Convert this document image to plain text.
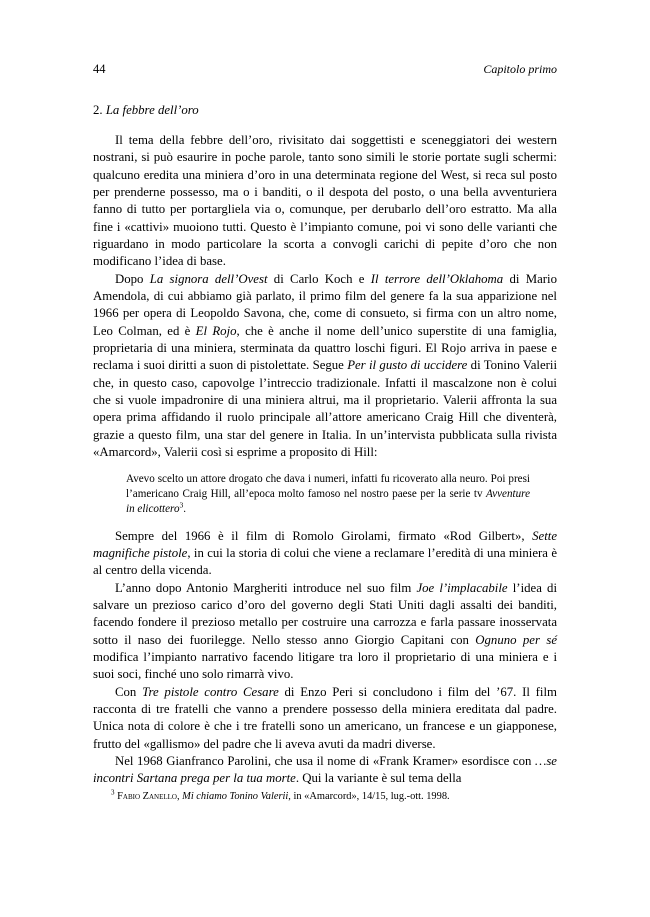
44	Capitolo primo
2. La febbre dell’oro

Il tema della febbre dell’oro, rivisitato dai soggettisti e sceneggiatori dei western nostrani, si può esaurire in poche parole, tanto sono simili le storie portate sugli schermi: qualcuno eredita una miniera d’oro in una determinata regione del West, si reca sul posto per prenderne possesso, ma o i banditi, o il despota del posto, o una bella avventuriera fanno di tutto per portargliela via o, comunque, per derubarlo dell’oro estratto. Ma alla fine i «cattivi» muoiono tutti. Questo è l’impianto comune, poi vi sono delle varianti che riguardano in modo particolare la scorta a convogli carichi di pepite d’oro che non modificano l’idea di base.

Dopo La signora dell’Ovest di Carlo Koch e Il terrore dell’Oklahoma di Mario Amendola, di cui abbiamo già parlato, il primo film del genere fa la sua apparizione nel 1966 per opera di Leopoldo Savona, che, come di consueto, si firma con un altro nome, Leo Colman, ed è El Rojo, che è anche il nome dell’unico superstite di una famiglia, proprietaria di una miniera, sterminata da quattro loschi figuri. El Rojo arriva in paese e reclama i suoi diritti a suon di pistolettate. Segue Per il gusto di uccidere di Tonino Valerii che, in questo caso, capovolge l’intreccio tradizionale. Infatti il mascalzone non è colui che si vuole impadronire di una miniera altrui, ma il proprietario. Valerii affronta la sua opera prima affidando il ruolo principale all’attore americano Craig Hill che diventerà, grazie a questo film, una star del genere in Italia. In un’intervista pubblicata sulla rivista «Amarcord», Valerii così si esprime a proposito di Hill:

Avevo scelto un attore drogato che dava i numeri, infatti fu ricoverato alla neuro. Poi presi l’americano Craig Hill, all’epoca molto famoso nel nostro paese per la serie tv Avventure in elicottero$^3$.

Sempre del 1966 è il film di Romolo Girolami, firmato «Rod Gilbert», Sette magnifiche pistole, in cui la storia di colui che viene a reclamare l’eredità di una miniera è al centro della vicenda.

L’anno dopo Antonio Margheriti introduce nel suo film Joe l’implacabile l’idea di salvare un prezioso carico d’oro del governo degli Stati Uniti dagli assalti dei banditi, facendo fondere il prezioso metallo per costruire una carrozza e farla passare inosservata sotto il naso dei fuorilegge. Nello stesso anno Giorgio Capitani con Ognuno per sé modifica l’impianto narrativo facendo litigare tra loro il proprietario di una miniera e i suoi soci, finché uno solo rimarrà vivo.

Con Tre pistole contro Cesare di Enzo Peri si concludono i film del ’67. Il film racconta di tre fratelli che vanno a prendere possesso della miniera ereditata dal padre. Unica nota di colore è che i tre fratelli sono un americano, un francese e un giapponese, frutto del «gallismo» del padre che li aveva avuti da madri diverse.

Nel 1968 Gianfranco Parolini, che usa il nome di «Frank Kramer» esordisce con …se incontri Sartana prega per la tua morte. Qui la variante è sul tema della

$^3$ Fabio Zanello, Mi chiamo Tonino Valerii, in «Amarcord», 14/15, lug.-ott. 1998.
